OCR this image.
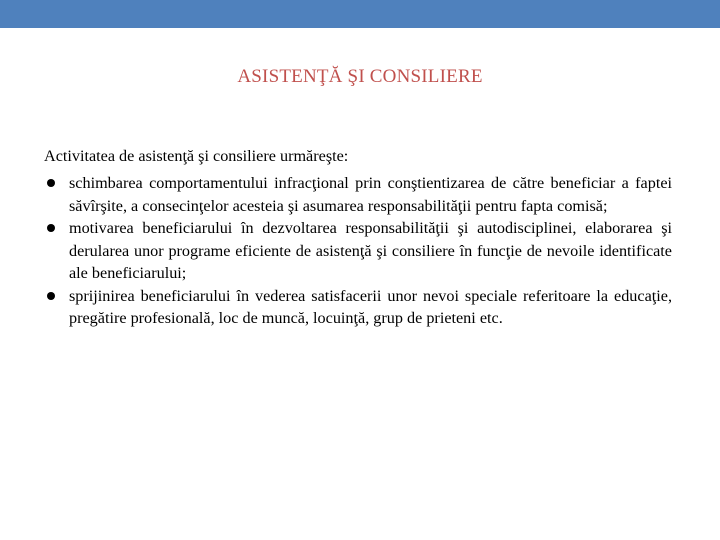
ASISTENŢĂ ŞI CONSILIERE
Activitatea de asistenţă şi consiliere urmăreşte:
schimbarea comportamentului infracţional prin conştientizarea de către beneficiar a faptei săvîrşite, a consecinţelor acesteia şi asumarea responsabilităţii pentru fapta comisă;
motivarea beneficiarului în dezvoltarea responsabilităţii şi autodisciplinei, elaborarea şi derularea unor programe eficiente de asistenţă şi consiliere în funcţie de nevoile identificate ale beneficiarului;
sprijinirea beneficiarului în vederea satisfacerii unor nevoi speciale referitoare la educaţie, pregătire profesională, loc de muncă, locuinţă, grup de prieteni etc.
